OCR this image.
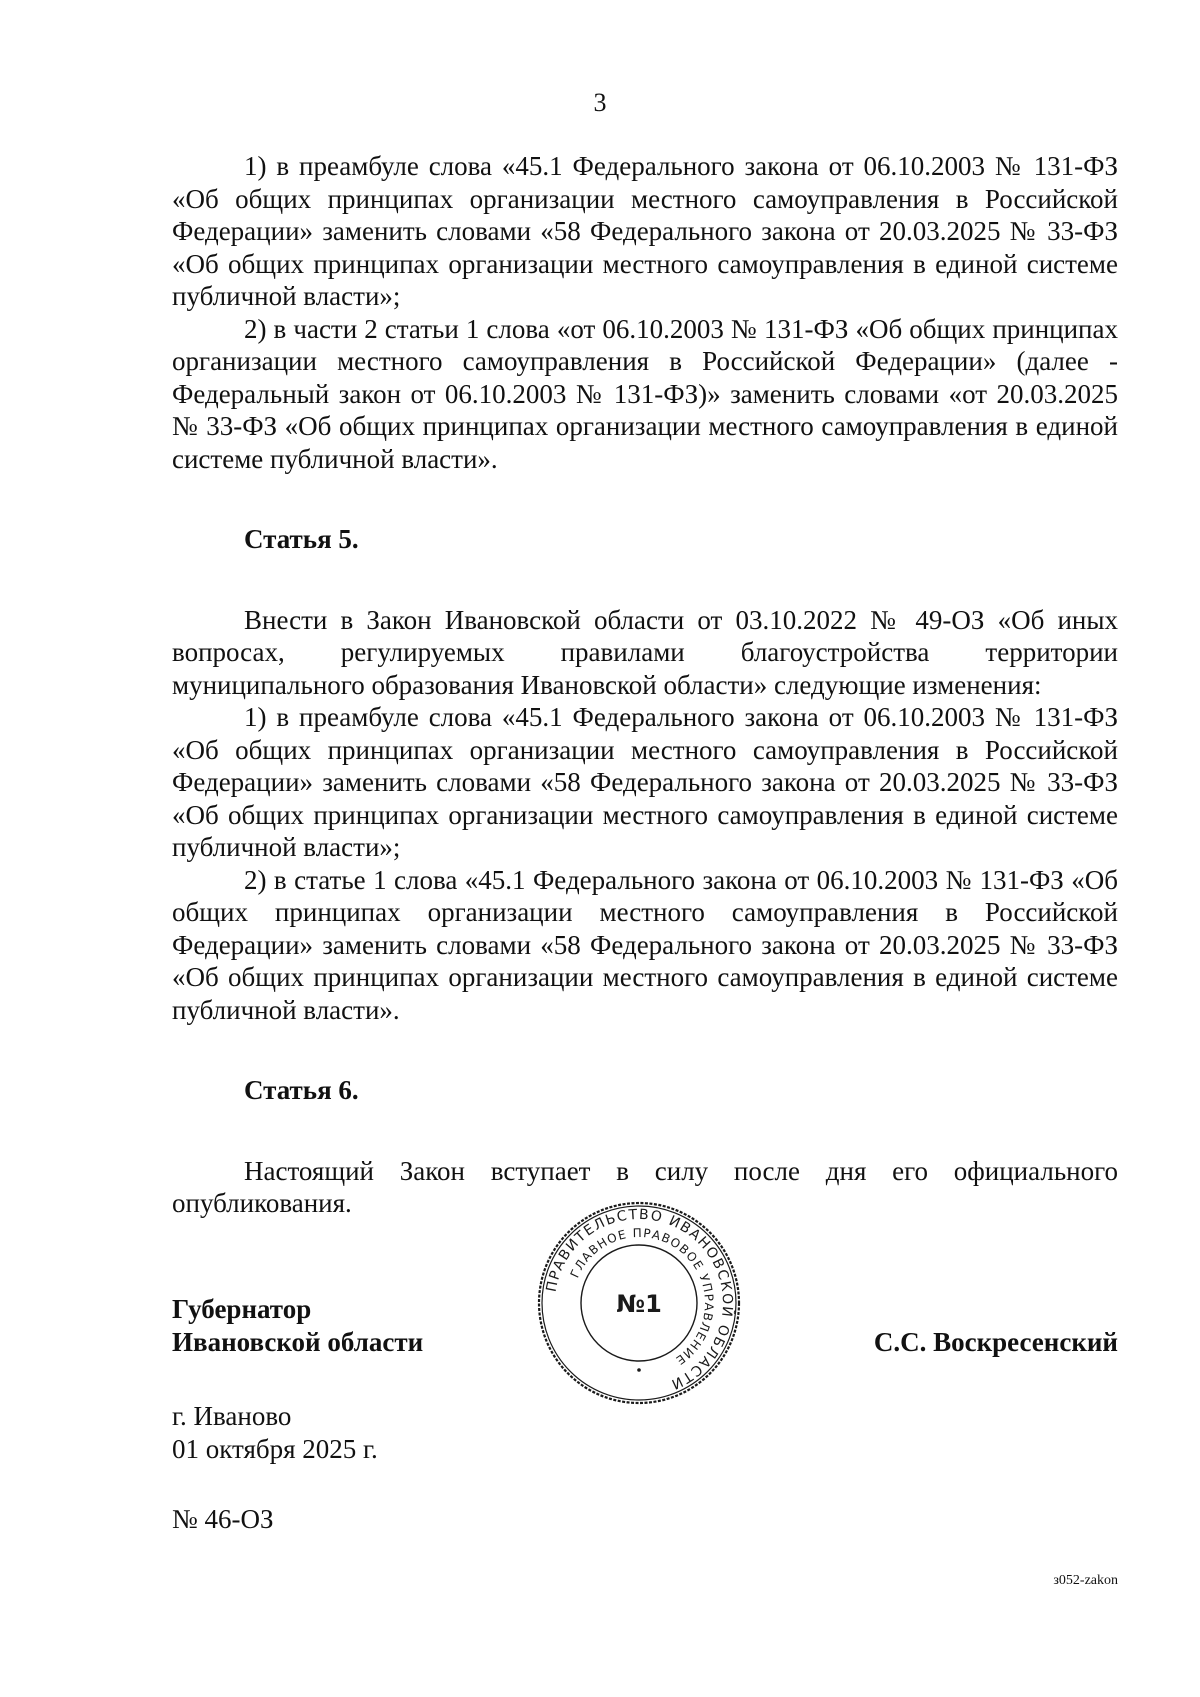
3

1) в преамбуле слова «45.1 Федерального закона от 06.10.2003 № 131-ФЗ «Об общих принципах организации местного самоуправления в Российской Федерации» заменить словами «58 Федерального закона от 20.03.2025 № 33-ФЗ «Об общих принципах организации местного самоуправления в единой системе публичной власти»;

2) в части 2 статьи 1 слова «от 06.10.2003 № 131-ФЗ «Об общих принципах организации местного самоуправления в Российской Федерации» (далее - Федеральный закон от 06.10.2003 № 131-ФЗ)» заменить словами «от 20.03.2025 № 33-ФЗ «Об общих принципах организации местного самоуправления в единой системе публичной власти».

Статья 5.

Внести в Закон Ивановской области от 03.10.2022 № 49-ОЗ «Об иных вопросах, регулируемых правилами благоустройства территории муниципального образования Ивановской области» следующие изменения:

1) в преамбуле слова «45.1 Федерального закона от 06.10.2003 № 131-ФЗ «Об общих принципах организации местного самоуправления в Российской Федерации» заменить словами «58 Федерального закона от 20.03.2025 № 33-ФЗ «Об общих принципах организации местного самоуправления в единой системе публичной власти»;

2) в статье 1 слова «45.1 Федерального закона от 06.10.2003 № 131-ФЗ «Об общих принципах организации местного самоуправления в Российской Федерации» заменить словами «58 Федерального закона от 20.03.2025 № 33-ФЗ «Об общих принципах организации местного самоуправления в единой системе публичной власти».

Статья 6.

Настоящий Закон вступает в силу после дня его официального опубликования.

Губернатор
Ивановской области	С.С. Воскресенский
ПРАВИТЕЛЬСТВО ИВАНОВСКОЙ ОБЛАСТИ
ГЛАВНОЕ ПРАВОВОЕ УПРАВЛЕНИЕ
№1
г. Иваново
01 октября 2025 г.
№ 46-ОЗ
з052-zakon
